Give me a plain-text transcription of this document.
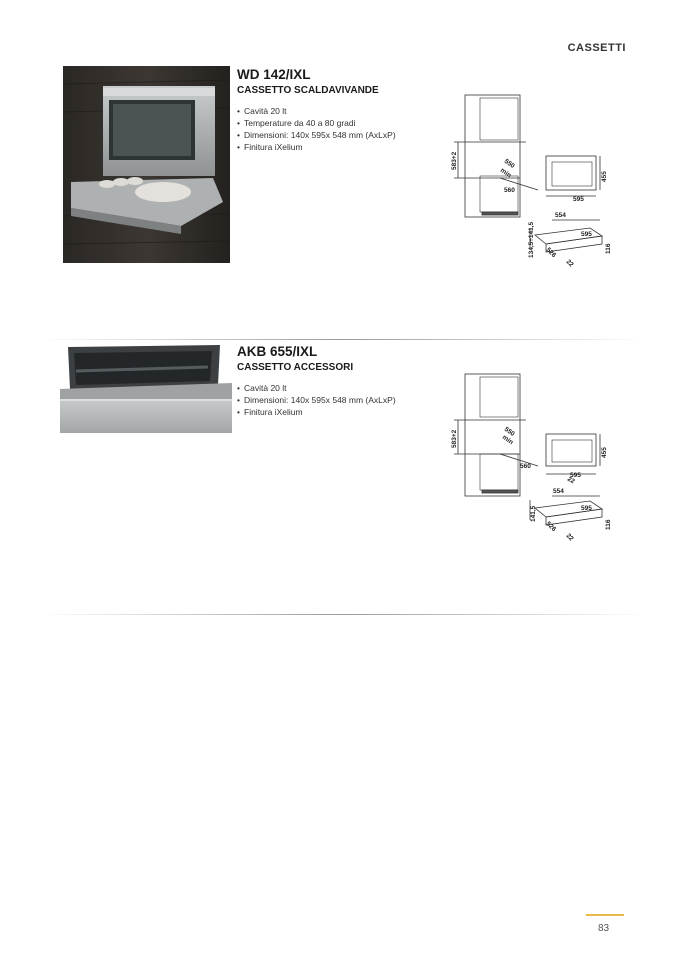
CASSETTI

WD 142/IXL

CASSETTO SCALDAVIVANDE

• Cavità 20 lt
• Temperature da 40 a 80 gradi
• Dimensioni: 140x 595x 548 mm (AxLxP)
• Finitura iXelium
583+2	550
min
560
595
455
554
595
116
134,5÷141,5 526
22

AKB 655/IXL

CASSETTO ACCESSORI

• Cavità 20 lt
• Dimensioni: 140x 595x 548 mm (AxLxP)
• Finitura iXelium
583+2	550
min
560
595
22
455
554
595
116
141,5
526
22
83
